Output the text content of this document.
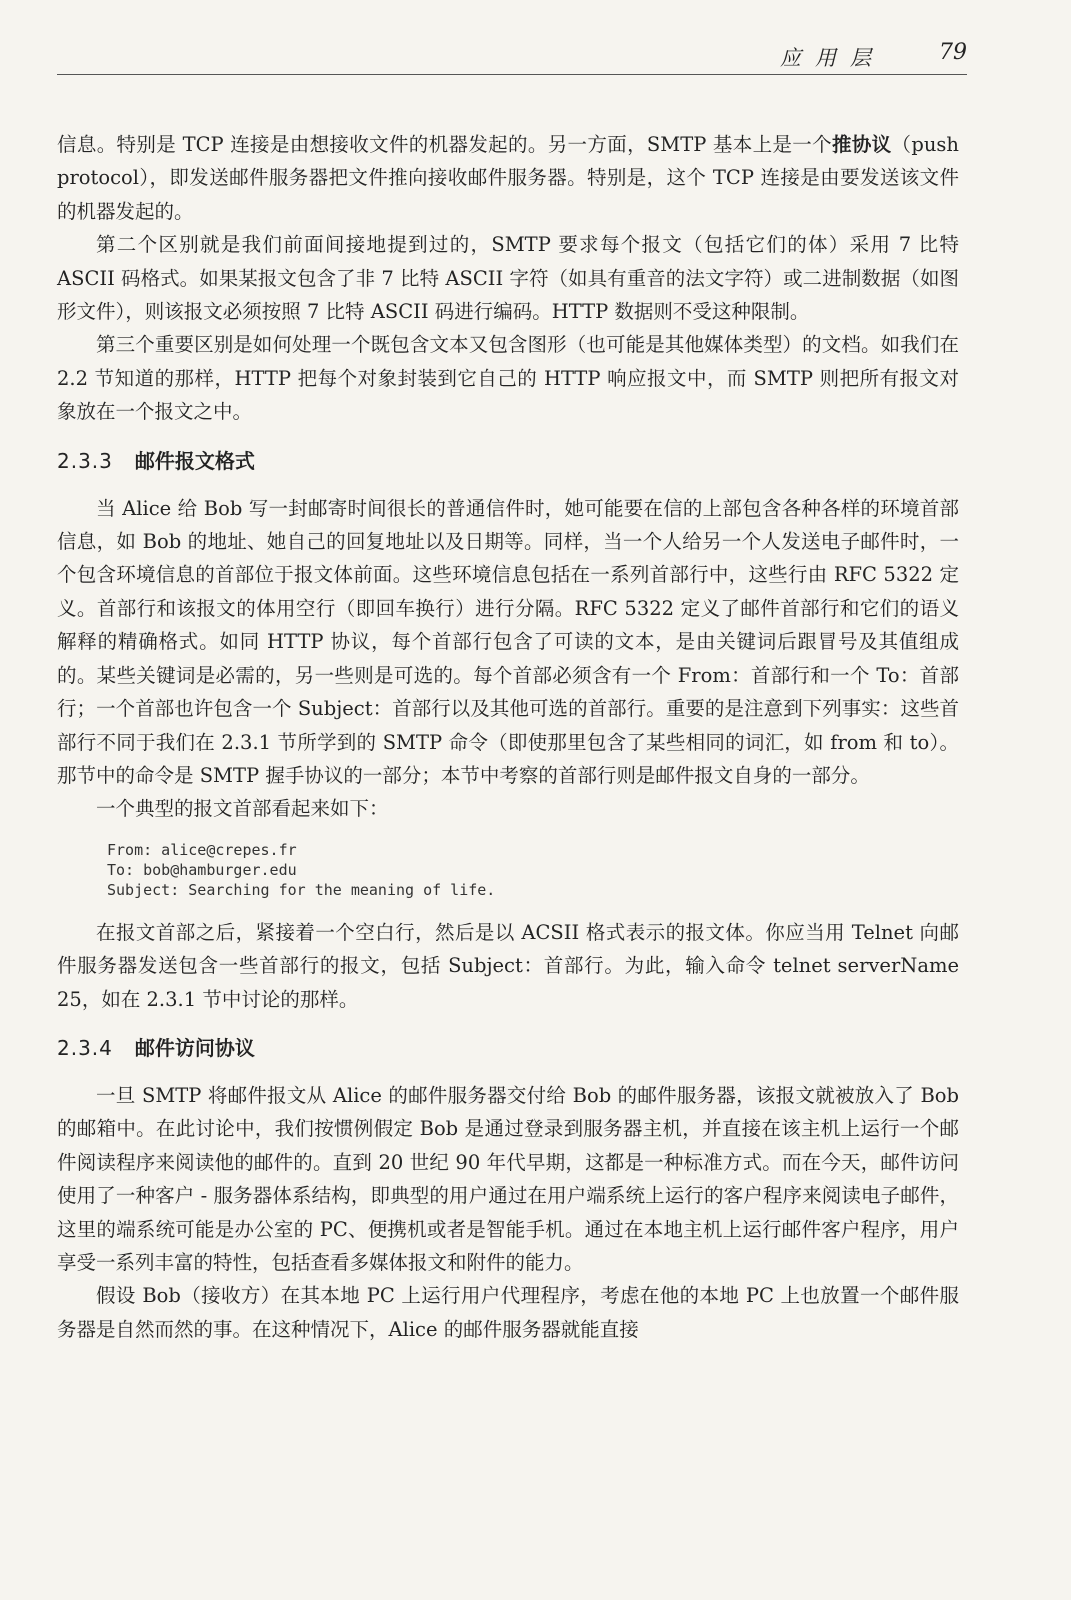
应用层 79

信息。特别是 TCP 连接是由想接收文件的机器发起的。另一方面，SMTP 基本上是一个推协议（push protocol），即发送邮件服务器把文件推向接收邮件服务器。特别是，这个 TCP 连接是由要发送该文件的机器发起的。

第二个区别就是我们前面间接地提到过的，SMTP 要求每个报文（包括它们的体）采用 7 比特 ASCII 码格式。如果某报文包含了非 7 比特 ASCII 字符（如具有重音的法文字符）或二进制数据（如图形文件），则该报文必须按照 7 比特 ASCII 码进行编码。HTTP 数据则不受这种限制。

第三个重要区别是如何处理一个既包含文本又包含图形（也可能是其他媒体类型）的文档。如我们在 2.2 节知道的那样，HTTP 把每个对象封装到它自己的 HTTP 响应报文中，而 SMTP 则把所有报文对象放在一个报文之中。

2.3.3 邮件报文格式

当 Alice 给 Bob 写一封邮寄时间很长的普通信件时，她可能要在信的上部包含各种各样的环境首部信息，如 Bob 的地址、她自己的回复地址以及日期等。同样，当一个人给另一个人发送电子邮件时，一个包含环境信息的首部位于报文体前面。这些环境信息包括在一系列首部行中，这些行由 RFC 5322 定义。首部行和该报文的体用空行（即回车换行）进行分隔。RFC 5322 定义了邮件首部行和它们的语义解释的精确格式。如同 HTTP 协议，每个首部行包含了可读的文本，是由关键词后跟冒号及其值组成的。某些关键词是必需的，另一些则是可选的。每个首部必须含有一个 From：首部行和一个 To：首部行；一个首部也许包含一个 Subject：首部行以及其他可选的首部行。重要的是注意到下列事实：这些首部行不同于我们在 2.3.1 节所学到的 SMTP 命令（即使那里包含了某些相同的词汇，如 from 和 to）。那节中的命令是 SMTP 握手协议的一部分；本节中考察的首部行则是邮件报文自身的一部分。

一个典型的报文首部看起来如下：

From: alice@crepes.fr
To: bob@hamburger.edu
Subject: Searching for the meaning of life.

在报文首部之后，紧接着一个空白行，然后是以 ACSII 格式表示的报文体。你应当用 Telnet 向邮件服务器发送包含一些首部行的报文，包括 Subject：首部行。为此，输入命令 telnet serverName 25，如在 2.3.1 节中讨论的那样。

2.3.4 邮件访问协议

一旦 SMTP 将邮件报文从 Alice 的邮件服务器交付给 Bob 的邮件服务器，该报文就被放入了 Bob 的邮箱中。在此讨论中，我们按惯例假定 Bob 是通过登录到服务器主机，并直接在该主机上运行一个邮件阅读程序来阅读他的邮件的。直到 20 世纪 90 年代早期，这都是一种标准方式。而在今天，邮件访问使用了一种客户 - 服务器体系结构，即典型的用户通过在用户端系统上运行的客户程序来阅读电子邮件，这里的端系统可能是办公室的 PC、便携机或者是智能手机。通过在本地主机上运行邮件客户程序，用户享受一系列丰富的特性，包括查看多媒体报文和附件的能力。

假设 Bob（接收方）在其本地 PC 上运行用户代理程序，考虑在他的本地 PC 上也放置一个邮件服务器是自然而然的事。在这种情况下，Alice 的邮件服务器就能直接
